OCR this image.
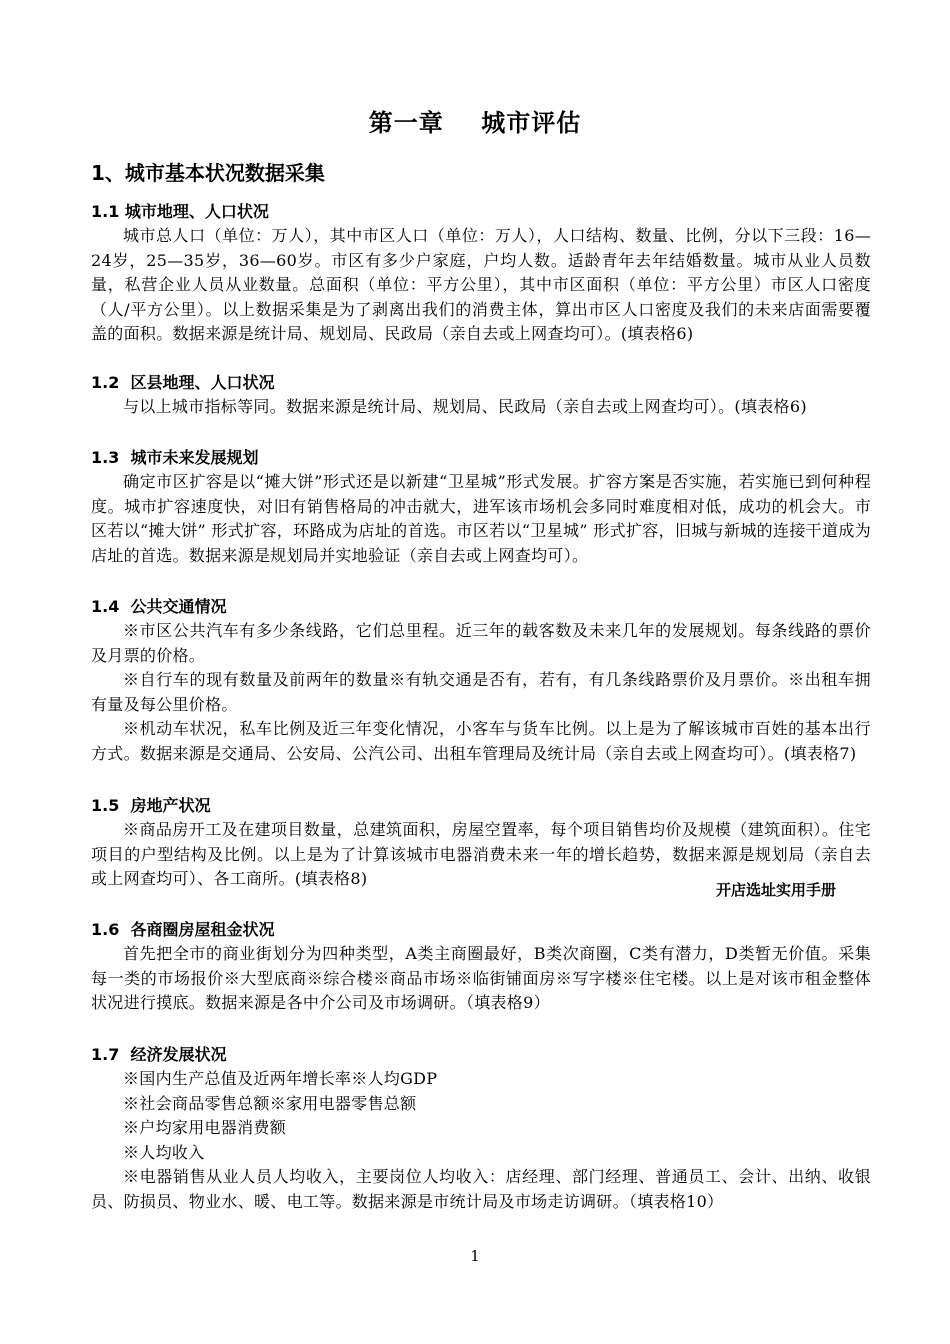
第一章    城市评估
1、城市基本状况数据采集
1.1 城市地理、人口状况

城市总人口（单位：万人），其中市区人口（单位：万人），人口结构、数量、比例，分以下三段：16—24岁，25—35岁，36—60岁。市区有多少户家庭，户均人数。适龄青年去年结婚数量。城市从业人员数量，私营企业人员从业数量。总面积（单位：平方公里），其中市区面积（单位：平方公里）市区人口密度（人/平方公里）。以上数据采集是为了剥离出我们的消费主体，算出市区人口密度及我们的未来店面需要覆盖的面积。数据来源是统计局、规划局、民政局（亲自去或上网查均可）。(填表格6)

1.2  区县地理、人口状况

与以上城市指标等同。数据来源是统计局、规划局、民政局（亲自去或上网查均可）。(填表格6)

1.3  城市未来发展规划

确定市区扩容是以“摊大饼”形式还是以新建“卫星城”形式发展。扩容方案是否实施，若实施已到何种程度。城市扩容速度快，对旧有销售格局的冲击就大，进军该市场机会多同时难度相对低，成功的机会大。市区若以“摊大饼” 形式扩容，环路成为店址的首选。市区若以“卫星城” 形式扩容，旧城与新城的连接干道成为店址的首选。数据来源是规划局并实地验证（亲自去或上网查均可）。

1.4  公共交通情况

※市区公共汽车有多少条线路，它们总里程。近三年的载客数及未来几年的发展规划。每条线路的票价及月票的价格。

※自行车的现有数量及前两年的数量※有轨交通是否有，若有，有几条线路票价及月票价。※出租车拥有量及每公里价格。

※机动车状况，私车比例及近三年变化情况，小客车与货车比例。以上是为了解该城市百姓的基本出行方式。数据来源是交通局、公安局、公汽公司、出租车管理局及统计局（亲自去或上网查均可）。(填表格7)

1.5  房地产状况

※商品房开工及在建项目数量，总建筑面积，房屋空置率，每个项目销售均价及规模（建筑面积）。住宅项目的户型结构及比例。以上是为了计算该城市电器消费未来一年的增长趋势，数据来源是规划局（亲自去或上网查均可）、各工商所。(填表格8)

1.6  各商圈房屋租金状况

首先把全市的商业街划分为四种类型，A类主商圈最好，B类次商圈，C类有潜力，D类暂无价值。采集每一类的市场报价※大型底商※综合楼※商品市场※临街铺面房※写字楼※住宅楼。以上是对该市租金整体状况进行摸底。数据来源是各中介公司及市场调研。（填表格9）

1.7  经济发展状况

※国内生产总值及近两年增长率※人均GDP

※社会商品零售总额※家用电器零售总额

※户均家用电器消费额

※人均收入

※电器销售从业人员人均收入，主要岗位人均收入：店经理、部门经理、普通员工、会计、出纳、收银员、防损员、物业水、暖、电工等。数据来源是市统计局及市场走访调研。（填表格10）

开店选址实用手册
1
